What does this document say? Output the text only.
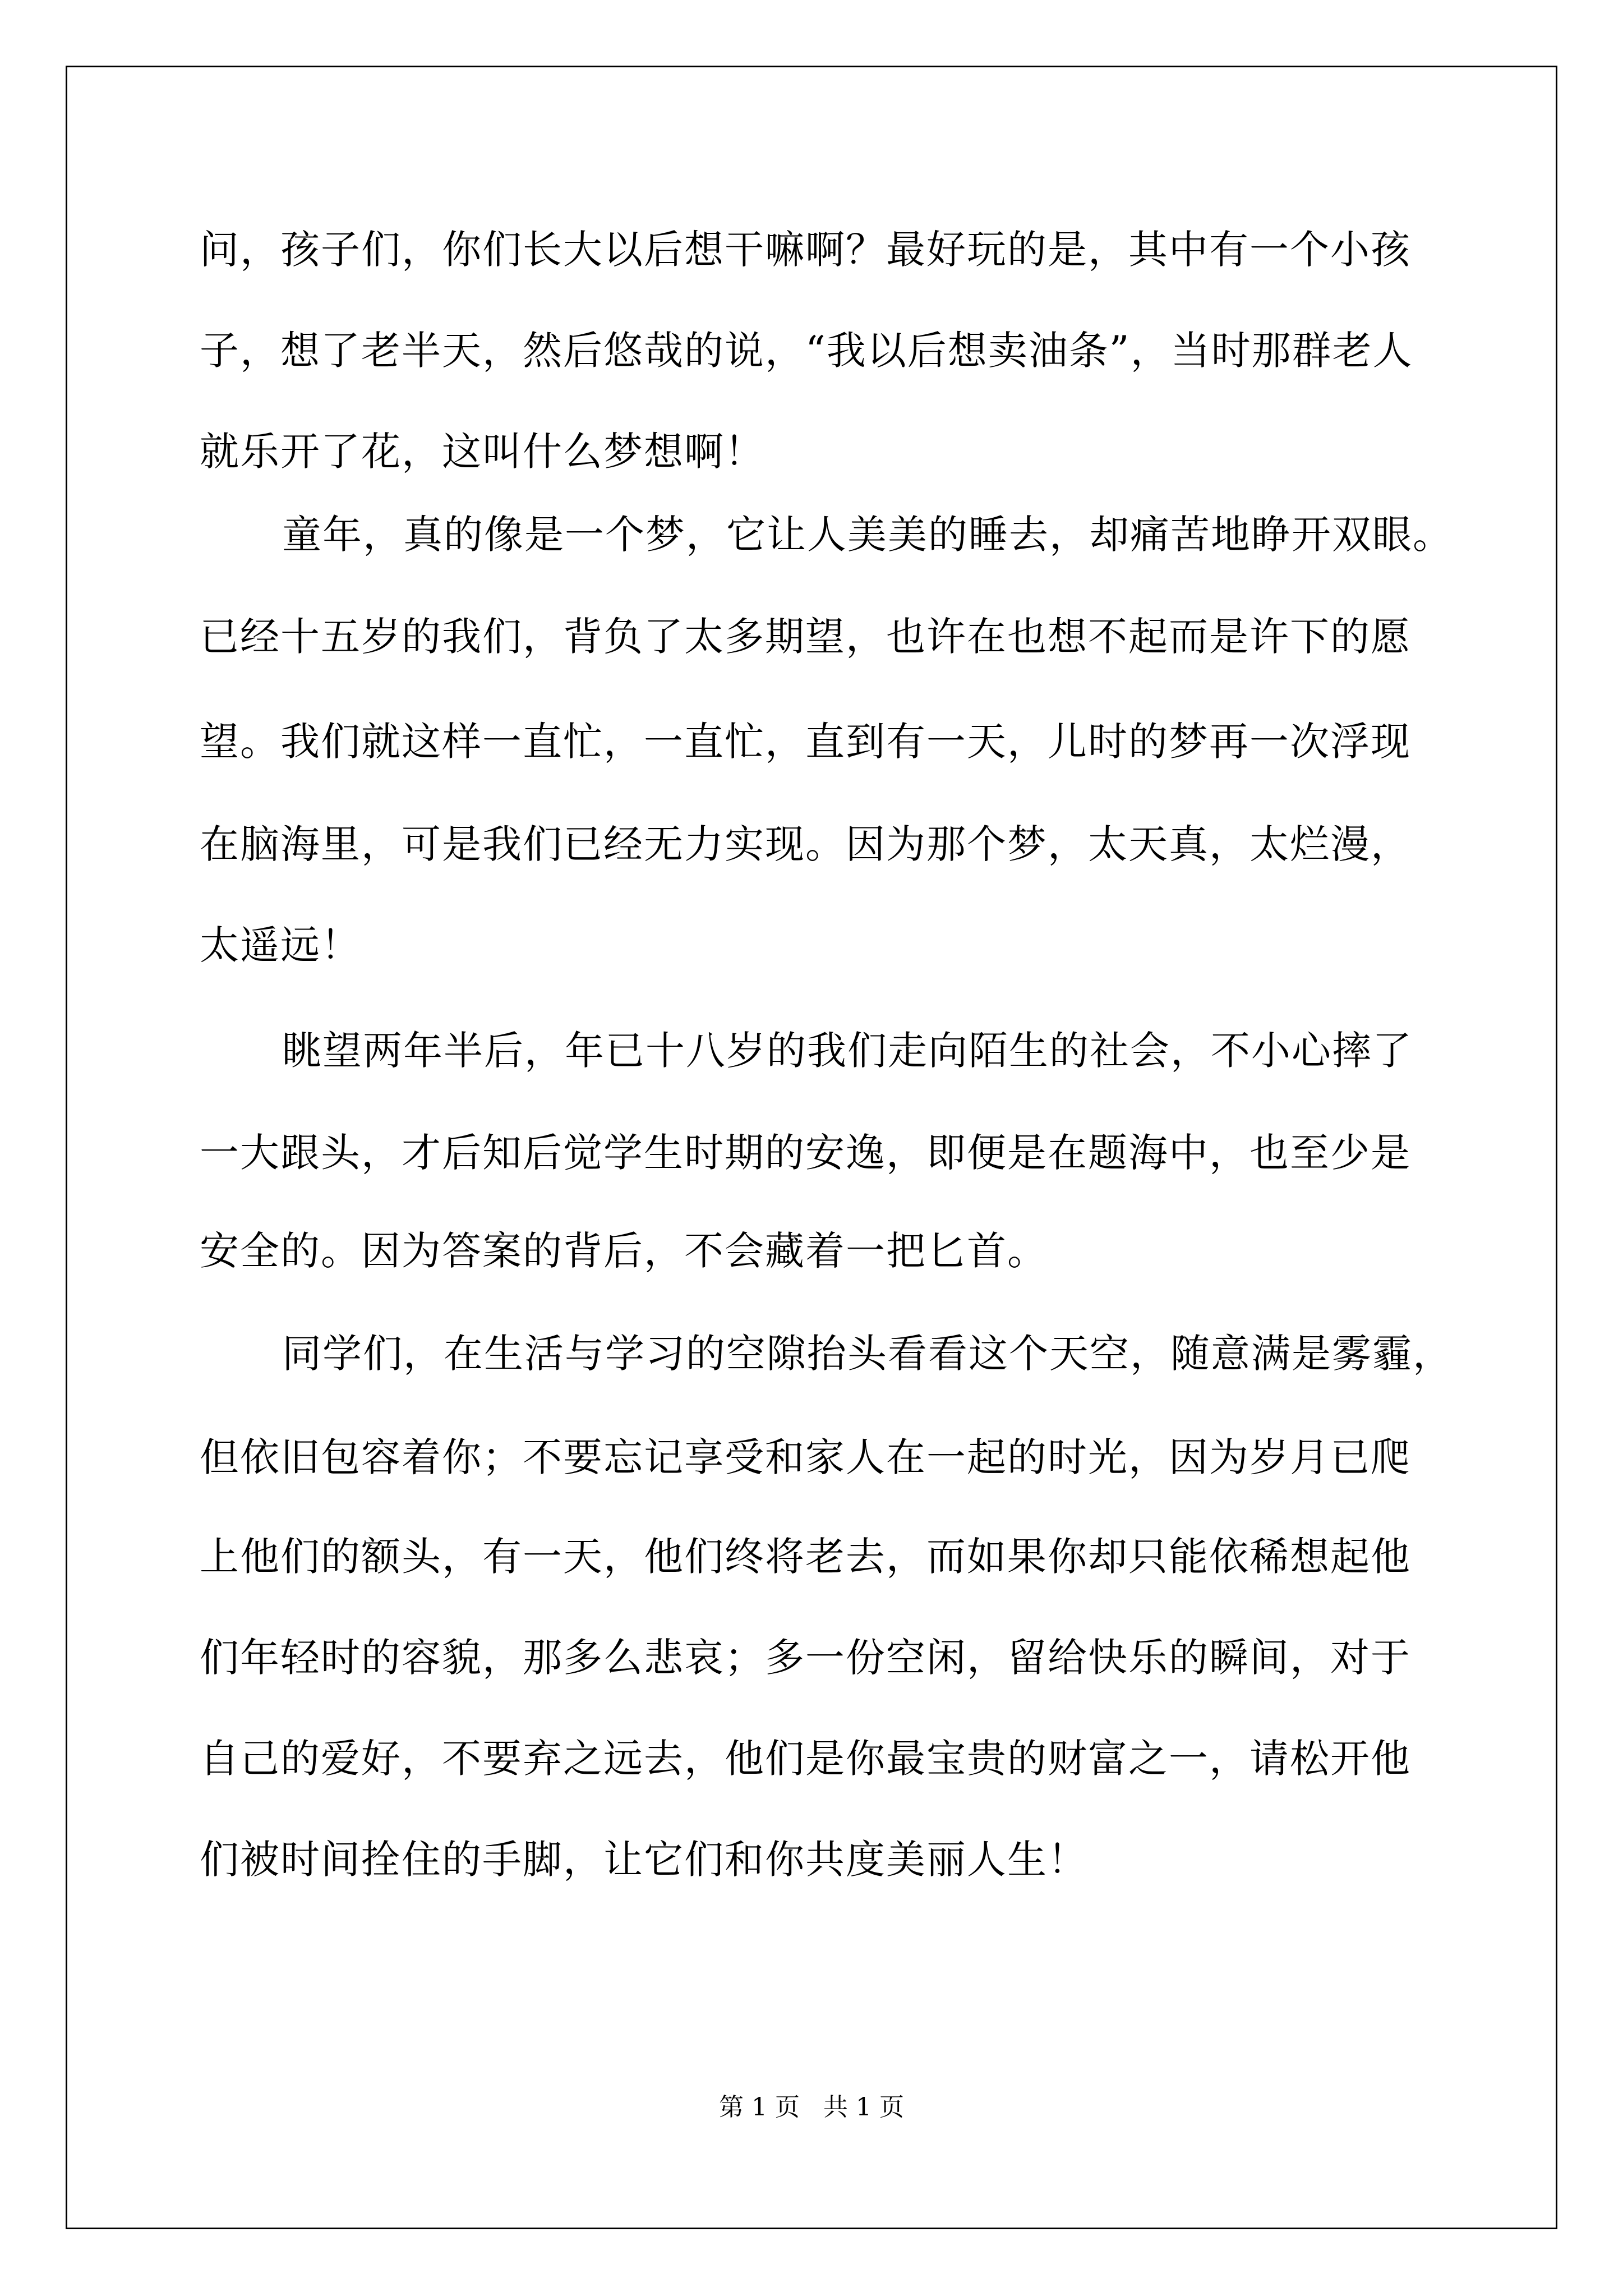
问，孩子们，你们长大以后想干嘛啊？最好玩的是，其中有一个小孩
子，想了老半天，然后悠哉的说，“我以后想卖油条”，当时那群老人
就乐开了花，这叫什么梦想啊！
童年，真的像是一个梦，它让人美美的睡去，却痛苦地睁开双眼。
已经十五岁的我们，背负了太多期望，也许在也想不起而是许下的愿
望。我们就这样一直忙，一直忙，直到有一天，儿时的梦再一次浮现
在脑海里，可是我们已经无力实现。因为那个梦，太天真，太烂漫，
太遥远！
眺望两年半后，年已十八岁的我们走向陌生的社会，不小心摔了
一大跟头，才后知后觉学生时期的安逸，即便是在题海中，也至少是
安全的。因为答案的背后，不会藏着一把匕首。
同学们，在生活与学习的空隙抬头看看这个天空，随意满是雾霾，
但依旧包容着你；不要忘记享受和家人在一起的时光，因为岁月已爬
上他们的额头，有一天，他们终将老去，而如果你却只能依稀想起他
们年轻时的容貌，那多么悲哀；多一份空闲，留给快乐的瞬间，对于
自己的爱好，不要弃之远去，他们是你最宝贵的财富之一，请松开他
们被时间拴住的手脚，让它们和你共度美丽人生！
第 1 页   共 1 页
